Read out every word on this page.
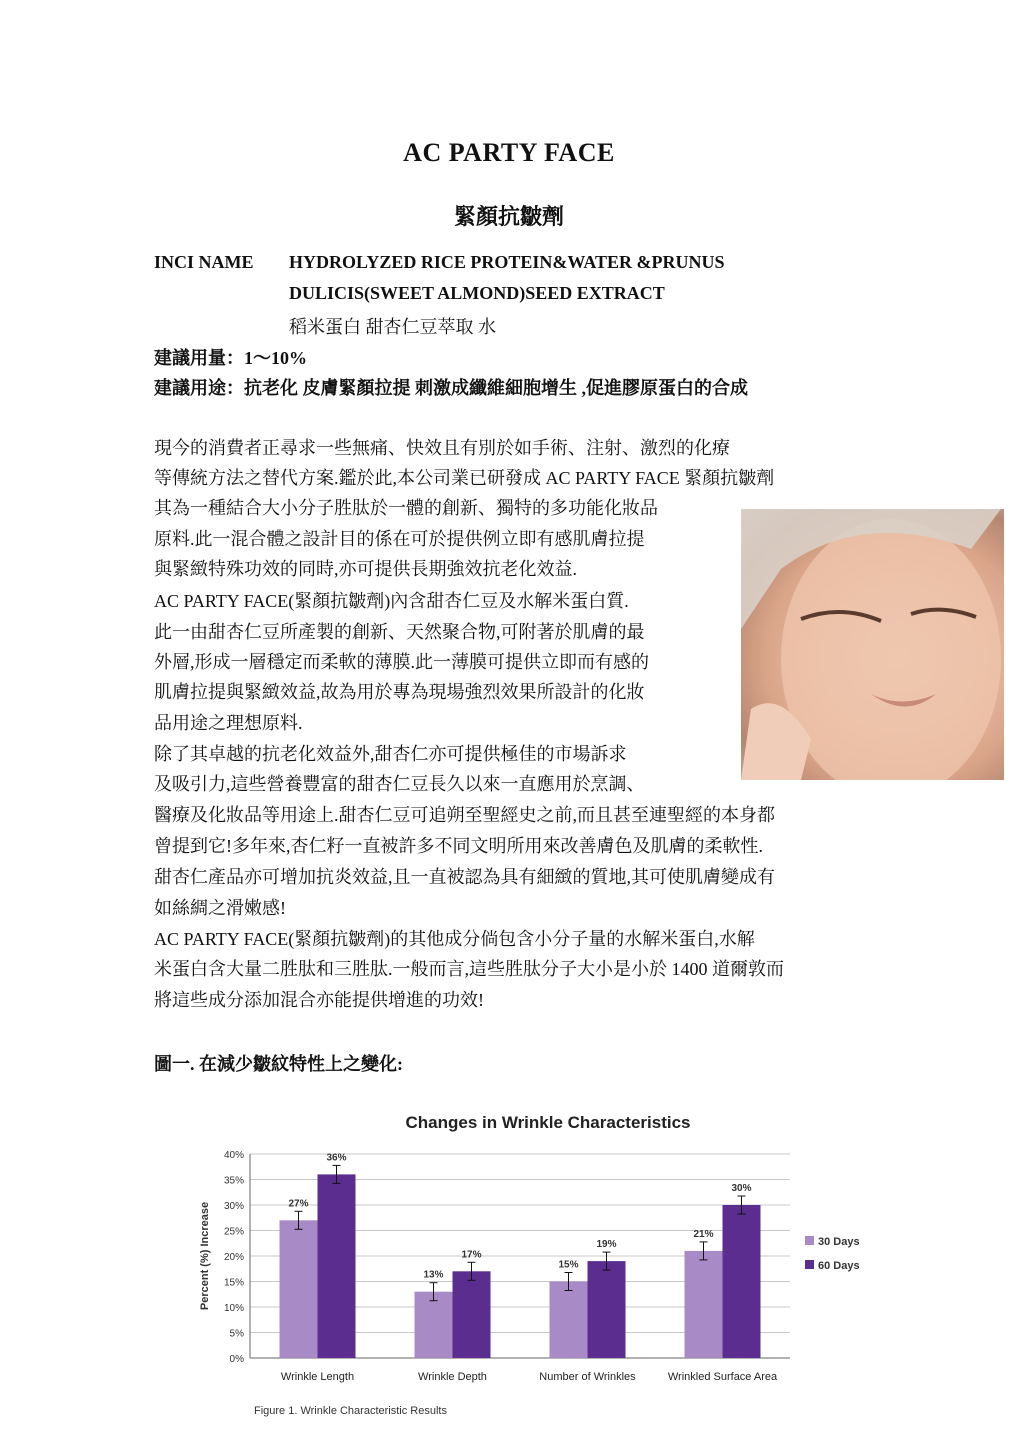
AC PARTY FACE
緊顏抗皺劑
INCI NAME HYDROLYZED RICE PROTEIN&WATER &PRUNUS
DULICIS(SWEET ALMOND)SEED EXTRACT
稻米蛋白 甜杏仁豆萃取 水
建議用量：1～10%
建議用途：抗老化 皮膚緊顏拉提 刺激成纖維細胞增生 ,促進膠原蛋白的合成
現今的消費者正尋求一些無痛、快效且有別於如手術、注射、激烈的化療
等傳統方法之替代方案.鑑於此,本公司業已研發成 AC PARTY FACE 緊顏抗皺劑
其為一種結合大小分子胜肽於一體的創新、獨特的多功能化妝品
原料.此一混合體之設計目的係在可於提供例立即有感肌膚拉提
與緊緻特殊功效的同時,亦可提供長期強效抗老化效益.
AC PARTY FACE(緊顏抗皺劑)內含甜杏仁豆及水解米蛋白質.
此一由甜杏仁豆所產製的創新、天然聚合物,可附著於肌膚的最
外層,形成一層穩定而柔軟的薄膜.此一薄膜可提供立即而有感的
肌膚拉提與緊緻效益,故為用於專為現場強烈效果所設計的化妝
品用途之理想原料.
除了其卓越的抗老化效益外,甜杏仁亦可提供極佳的市場訴求
及吸引力,這些營養豐富的甜杏仁豆長久以來一直應用於烹調、
醫療及化妝品等用途上.甜杏仁豆可追朔至聖經史之前,而且甚至連聖經的本身都
曾提到它!多年來,杏仁籽一直被許多不同文明所用來改善膚色及肌膚的柔軟性.
甜杏仁產品亦可增加抗炎效益,且一直被認為具有細緻的質地,其可使肌膚變成有
如絲綢之滑嫩感!
AC PARTY FACE(緊顏抗皺劑)的其他成分倘包含小分子量的水解米蛋白,水解
米蛋白含大量二胜肽和三胜肽.一般而言,這些胜肽分子大小是小於 1400 道爾敦而
將這些成分添加混合亦能提供增進的功效!
圖一. 在減少皺紋特性上之變化:
Changes in Wrinkle Characteristics
0%
5%
10%
15%
20%
25%
30%
35%
40%
Percent (%) Increase
Wrinkle Length
27%
36%
Wrinkle Depth
13%
17%
Number of Wrinkles
15%
19%
Wrinkled Surface Area
21%
30%
30 Days
60 Days
Figure 1. Wrinkle Characteristic Results
